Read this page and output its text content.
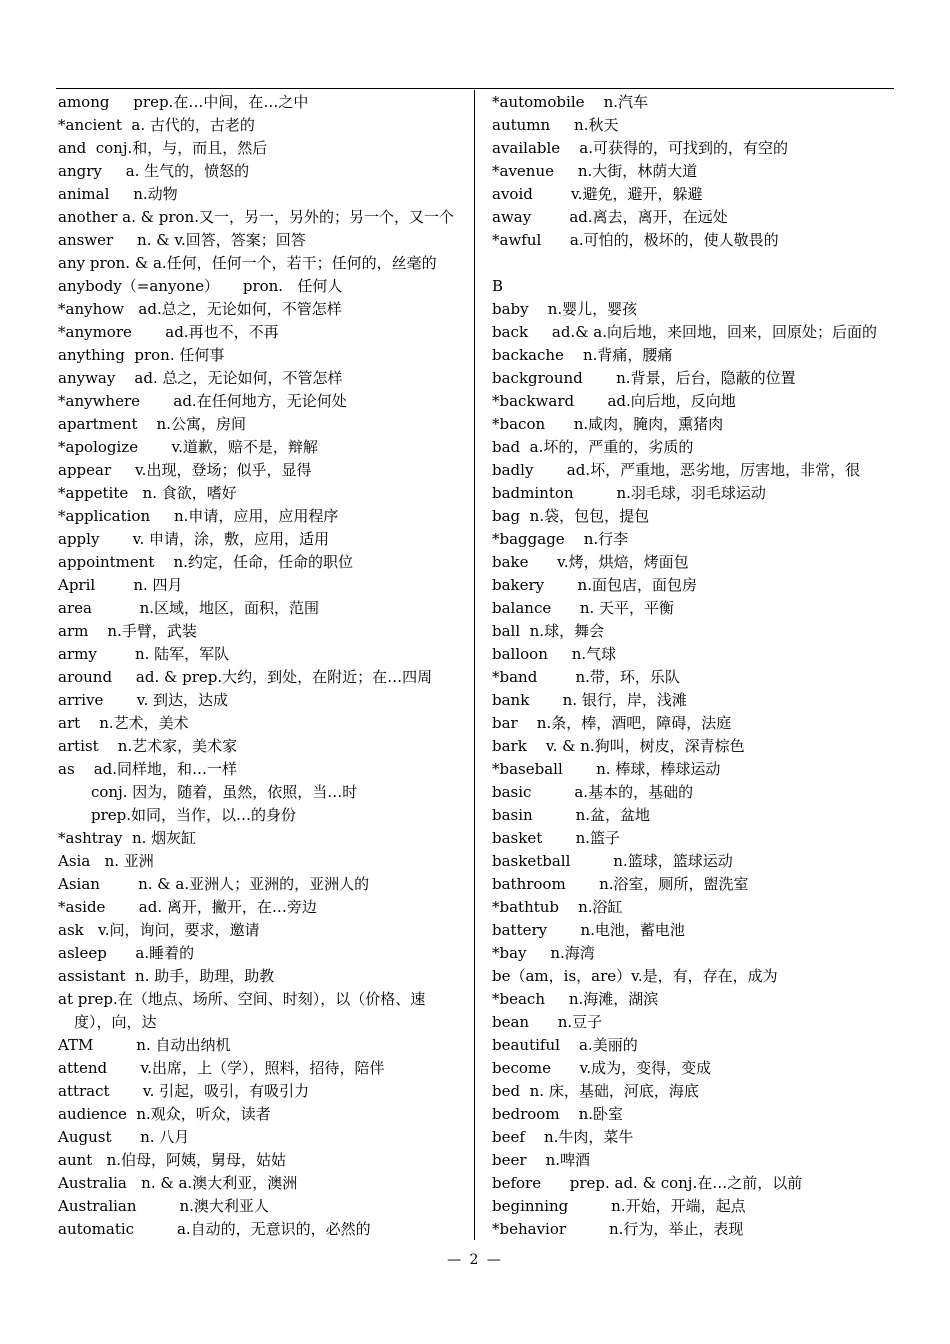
among     prep.在…中间，在…之中
*ancient  a. 古代的，古老的
and  conj.和，与，而且，然后
angry     a. 生气的，愤怒的
animal     n.动物
another a. & pron.又一，另一，另外的；另一个，又一个
answer     n. & v.回答，答案；回答
any pron. & a.任何，任何一个，若干；任何的，丝毫的
anybody（=anyone）     pron.   任何人
*anyhow   ad.总之，无论如何，不管怎样
*anymore       ad.再也不，不再
anything  pron. 任何事
anyway    ad. 总之，无论如何，不管怎样
*anywhere       ad.在任何地方，无论何处
apartment    n.公寓，房间
*apologize       v.道歉，赔不是，辩解
appear     v.出现，登场；似乎，显得
*appetite   n. 食欲，嗜好
*application     n.申请，应用，应用程序
apply       v. 申请，涂，敷，应用，适用
appointment    n.约定，任命，任命的职位
April        n. 四月
area          n.区域，地区，面积，范围
arm    n.手臂，武装
army        n. 陆军，军队
around     ad. & prep.大约，到处，在附近；在…四周
arrive       v. 到达，达成
art    n.艺术，美术
artist    n.艺术家，美术家
as    ad.同样地，和…一样
conj. 因为，随着，虽然，依照，当…时
prep.如同，当作，以…的身份
*ashtray  n. 烟灰缸
Asia   n. 亚洲
Asian        n. & a.亚洲人；亚洲的，亚洲人的
*aside       ad. 离开，撇开，在…旁边
ask   v.问，询问，要求，邀请
asleep      a.睡着的
assistant  n. 助手，助理，助教
at prep.在（地点、场所、空间、时刻），以（价格、速
度），向，达
ATM         n. 自动出纳机
attend       v.出席，上（学），照料，招待，陪伴
attract       v. 引起，吸引，有吸引力
audience  n.观众，听众，读者
August      n. 八月
aunt   n.伯母，阿姨，舅母，姑姑
Australia   n. & a.澳大利亚，澳洲
Australian         n.澳大利亚人
automatic         a.自动的，无意识的，必然的
*automobile    n.汽车
autumn     n.秋天
available    a.可获得的，可找到的，有空的
*avenue     n.大街，林荫大道
avoid        v.避免，避开，躲避
away        ad.离去，离开，在远处
*awful      a.可怕的，极坏的，使人敬畏的
B
baby    n.婴儿，婴孩
back     ad.& a.向后地，来回地，回来，回原处；后面的
backache    n.背痛，腰痛
background       n.背景，后台，隐蔽的位置
*backward       ad.向后地，反向地
*bacon      n.咸肉，腌肉，熏猪肉
bad  a.坏的，严重的，劣质的
badly       ad.坏，严重地，恶劣地，厉害地，非常，很
badminton         n.羽毛球，羽毛球运动
bag  n.袋，包包，提包
*baggage    n.行李
bake      v.烤，烘焙，烤面包
bakery       n.面包店，面包房
balance      n. 天平，平衡
ball  n.球，舞会
balloon     n.气球
*band        n.带，环，乐队
bank       n. 银行，岸，浅滩
bar    n.条，棒，酒吧，障碍，法庭
bark    v. & n.狗叫，树皮，深青棕色
*baseball       n. 棒球，棒球运动
basic         a.基本的，基础的
basin         n.盆，盆地
basket       n.篮子
basketball         n.篮球，篮球运动
bathroom       n.浴室，厕所，盥洗室
*bathtub    n.浴缸
battery       n.电池，蓄电池
*bay     n.海湾
be（am，is，are）v.是，有，存在，成为
*beach     n.海滩，湖滨
bean      n.豆子
beautiful    a.美丽的
become      v.成为，变得，变成
bed  n. 床，基础，河底，海底
bedroom    n.卧室
beef    n.牛肉，菜牛
beer    n.啤酒
before      prep. ad. & conj.在…之前，以前
beginning         n.开始，开端，起点
*behavior         n.行为，举止，表现
— 2 —
